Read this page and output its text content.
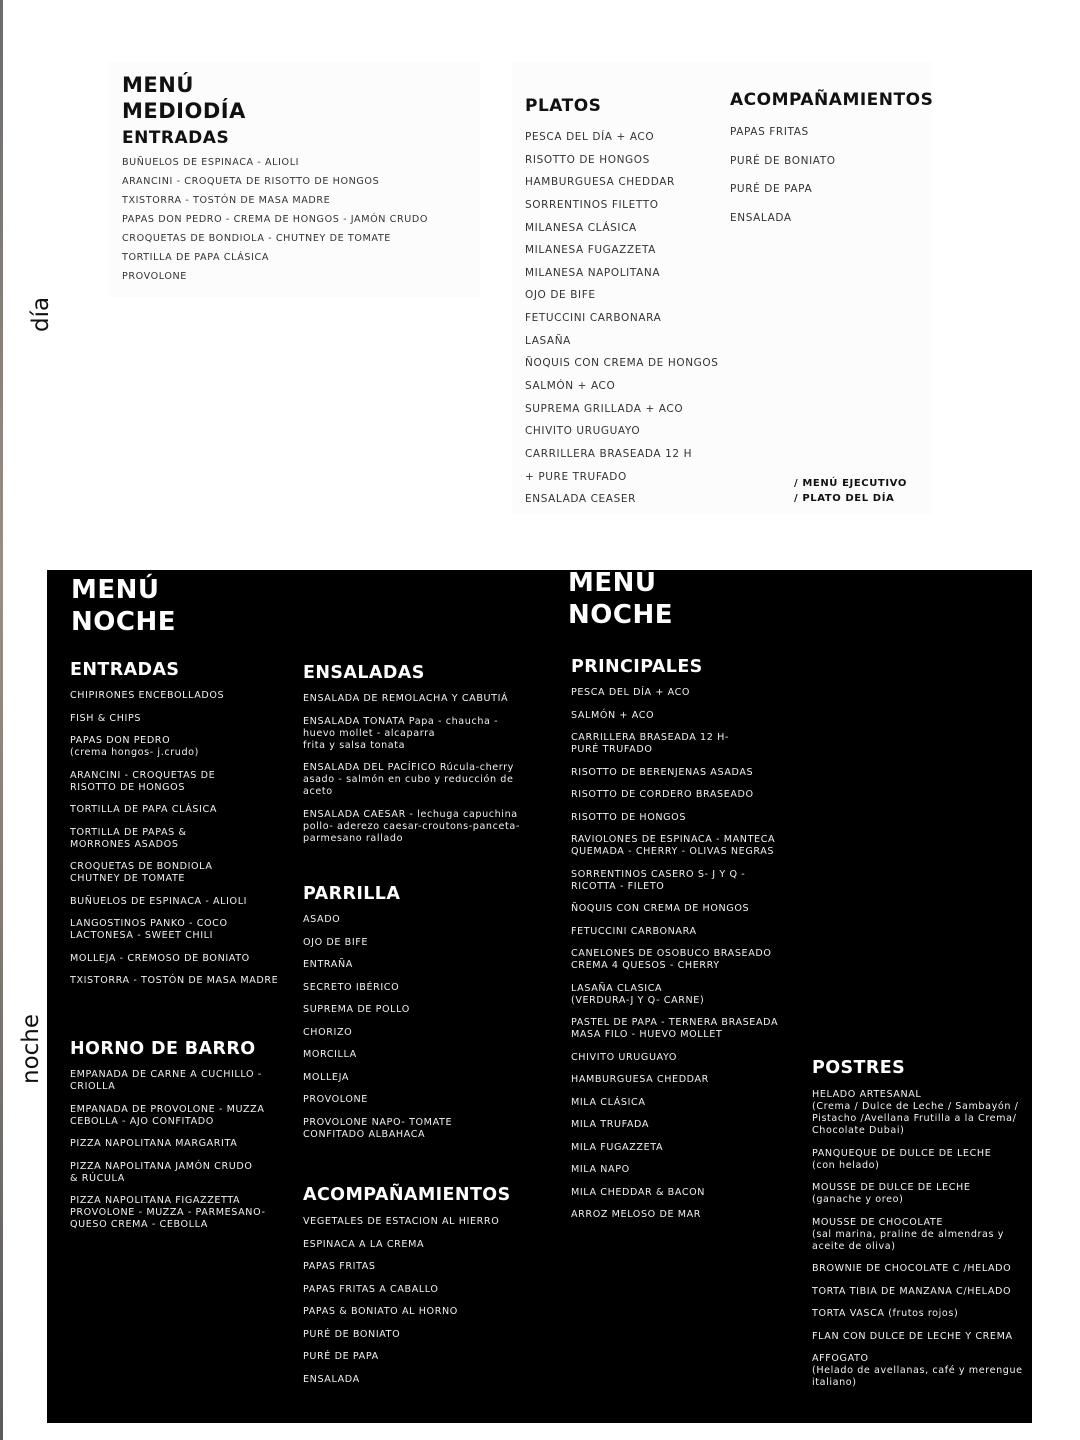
día
noche
MENÚ
MEDIODÍA
ENTRADAS
BUÑUELOS DE ESPINACA - ALIOLI
ARANCINI - CROQUETA DE RISOTTO DE HONGOS
TXISTORRA - TOSTÓN DE MASA MADRE
PAPAS DON PEDRO - CREMA DE HONGOS - JAMÓN CRUDO
CROQUETAS DE BONDIOLA - CHUTNEY DE TOMATE
TORTILLA DE PAPA CLÁSICA
PROVOLONE
PLATOS
PESCA DEL DÍA + ACO
RISOTTO DE HONGOS
HAMBURGUESA CHEDDAR
SORRENTINOS FILETTO
MILANESA CLÁSICA
MILANESA FUGAZZETA
MILANESA NAPOLITANA
OJO DE BIFE
FETUCCINI CARBONARA
LASAÑA
ÑOQUIS CON CREMA DE HONGOS
SALMÓN + ACO
SUPREMA GRILLADA + ACO
CHIVITO URUGUAYO
CARRILLERA BRASEADA 12 H
+ PURE TRUFADO
ENSALADA CEASER
ACOMPAÑAMIENTOS
PAPAS FRITAS
PURÉ DE BONIATO
PURÉ DE PAPA
ENSALADA
/ MENÚ EJECUTIVO
/ PLATO DEL DÍA
MENÚ
NOCHE
MENÚ
NOCHE
ENTRADAS
CHIPIRONES ENCEBOLLADOS
FISH & CHIPS
PAPAS DON PEDRO
(crema hongos- j.crudo)
ARANCINI - CROQUETAS DE
RISOTTO DE HONGOS
TORTILLA DE PAPA CLÁSICA
TORTILLA DE PAPAS &
MORRONES ASADOS
CROQUETAS DE BONDIOLA
CHUTNEY DE TOMATE
BUÑUELOS DE ESPINACA - ALIOLI
LANGOSTINOS PANKO - COCO
LACTONESA - SWEET CHILI
MOLLEJA - CREMOSO DE BONIATO
TXISTORRA - TOSTÓN DE MASA MADRE
HORNO DE BARRO
EMPANADA DE CARNE A CUCHILLO -
CRIOLLA
EMPANADA DE PROVOLONE - MUZZA
CEBOLLA - AJO CONFITADO
PIZZA NAPOLITANA MARGARITA
PIZZA NAPOLITANA JAMÓN CRUDO
& RÚCULA
PIZZA NAPOLITANA FIGAZZETTA
PROVOLONE - MUZZA - PARMESANO-
QUESO CREMA - CEBOLLA
ENSALADAS
ENSALADA DE REMOLACHA Y CABUTIÁ
ENSALADA TONATA Papa - chaucha -
huevo mollet - alcaparra
frita y salsa tonata
ENSALADA DEL PACÍFICO Rúcula-cherry
asado - salmón en cubo y reducción de
aceto
ENSALADA CAESAR - lechuga capuchina
pollo- aderezo caesar-croutons-panceta-
parmesano rallado
PARRILLA
ASADO
OJO DE BIFE
ENTRAÑA
SECRETO IBÉRICO
SUPREMA DE POLLO
CHORIZO
MORCILLA
MOLLEJA
PROVOLONE
PROVOLONE NAPO- TOMATE
CONFITADO ALBAHACA
ACOMPAÑAMIENTOS
VEGETALES DE ESTACION AL HIERRO
ESPINACA A LA CREMA
PAPAS FRITAS
PAPAS FRITAS A CABALLO
PAPAS & BONIATO AL HORNO
PURÉ DE BONIATO
PURÉ DE PAPA
ENSALADA
PRINCIPALES
PESCA DEL DÍA + ACO
SALMÓN + ACO
CARRILLERA BRASEADA 12 H-
PURÉ TRUFADO
RISOTTO DE BERENJENAS ASADAS
RISOTTO DE CORDERO BRASEADO
RISOTTO DE HONGOS
RAVIOLONES DE ESPINACA - MANTECA
QUEMADA - CHERRY - OLIVAS NEGRAS
SORRENTINOS CASERO S- J Y Q -
RICOTTA - FILETO
ÑOQUIS CON CREMA DE HONGOS
FETUCCINI CARBONARA
CANELONES DE OSOBUCO BRASEADO
CREMA 4 QUESOS - CHERRY
LASAÑA CLASICA
(VERDURA-J Y Q- CARNE)
PASTEL DE PAPA - TERNERA BRASEADA
MASA FILO - HUEVO MOLLET
CHIVITO URUGUAYO
HAMBURGUESA CHEDDAR
MILA CLÁSICA
MILA TRUFADA
MILA FUGAZZETA
MILA NAPO
MILA CHEDDAR & BACON
ARROZ MELOSO DE MAR
POSTRES
HELADO ARTESANAL
(Crema / Dulce de Leche / Sambayón /
Pistacho /Avellana Frutilla a la Crema/
Chocolate Dubai)
PANQUEQUE DE DULCE DE LECHE
(con helado)
MOUSSE DE DULCE DE LECHE
(ganache y oreo)
MOUSSE DE CHOCOLATE
(sal marina, praline de almendras y
aceite de oliva)
BROWNIE DE CHOCOLATE C /HELADO
TORTA TIBIA DE MANZANA C/HELADO
TORTA VASCA (frutos rojos)
FLAN CON DULCE DE LECHE Y CREMA
AFFOGATO
(Helado de avellanas, café y merengue
italiano)
